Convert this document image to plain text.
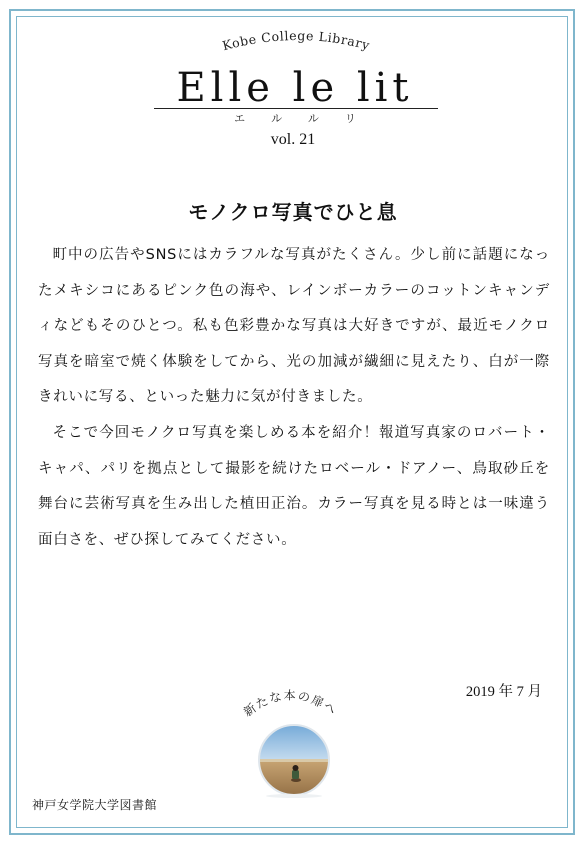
Kobe College Library
Elle le lit
エルルリ
vol. 21
モノクロ写真でひと息

町中の広告やSNSにはカラフルな写真がたくさん。少し前に話題になったメキシコにあるピンク色の海や、レインボーカラーのコットンキャンディなどもそのひとつ。私も色彩豊かな写真は大好きですが、最近モノクロ写真を暗室で焼く体験をしてから、光の加減が繊細に見えたり、白が一際きれいに写る、といった魅力に気が付きました。

そこで今回モノクロ写真を楽しめる本を紹介！報道写真家のロバート・キャパ、パリを拠点として撮影を続けたロベール・ドアノー、鳥取砂丘を舞台に芸術写真を生み出した植田正治。カラー写真を見る時とは一味違う面白さを、ぜひ探してみてください。

2019 年 7 月
新たな本の扉へ
神戸女学院大学図書館
